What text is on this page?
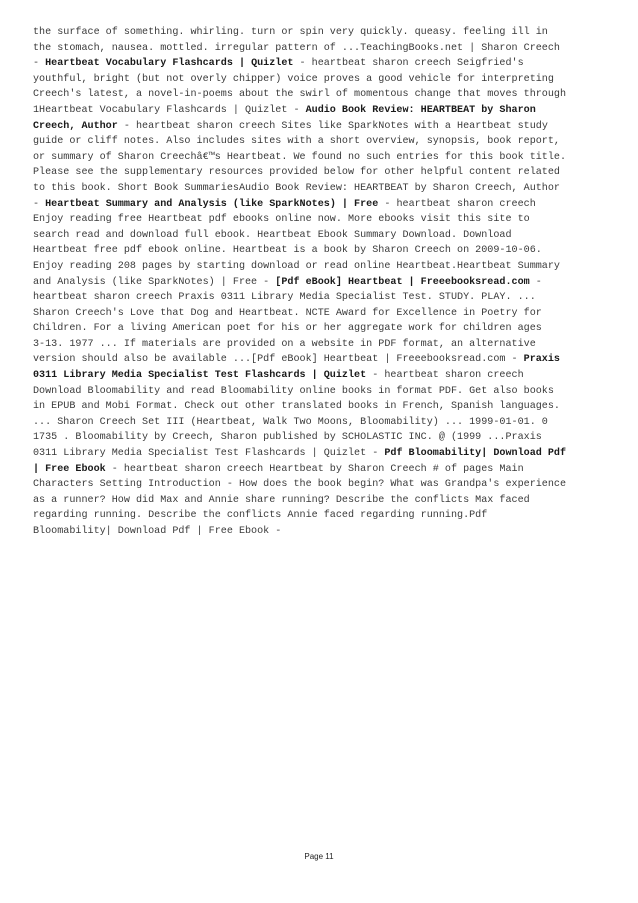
the surface of something. whirling. turn or spin very quickly. queasy. feeling ill in
the stomach, nausea. mottled. irregular pattern of ...TeachingBooks.net | Sharon Creech
- Heartbeat Vocabulary Flashcards | Quizlet - heartbeat sharon creech Seigfried's
youthful, bright (but not overly chipper) voice proves a good vehicle for interpreting
Creech's latest, a novel-in-poems about the swirl of momentous change that moves through
1Heartbeat Vocabulary Flashcards | Quizlet - Audio Book Review: HEARTBEAT by Sharon
Creech, Author - heartbeat sharon creech Sites like SparkNotes with a Heartbeat study
guide or cliff notes. Also includes sites with a short overview, synopsis, book report,
or summary of Sharon Creechâ€™s Heartbeat. We found no such entries for this book title.
Please see the supplementary resources provided below for other helpful content related
to this book. Short Book SummariesAudio Book Review: HEARTBEAT by Sharon Creech, Author
- Heartbeat Summary and Analysis (like SparkNotes) | Free - heartbeat sharon creech
Enjoy reading free Heartbeat pdf ebooks online now. More ebooks visit this site to
search read and download full ebook. Heartbeat Ebook Summary Download. Download
Heartbeat free pdf ebook online. Heartbeat is a book by Sharon Creech on 2009-10-06.
Enjoy reading 208 pages by starting download or read online Heartbeat.Heartbeat Summary
and Analysis (like SparkNotes) | Free - [Pdf eBook] Heartbeat | Freeebooksread.com -
heartbeat sharon creech Praxis 0311 Library Media Specialist Test. STUDY. PLAY. ...
Sharon Creech's Love that Dog and Heartbeat. NCTE Award for Excellence in Poetry for
Children. For a living American poet for his or her aggregate work for children ages
3-13. 1977 ... If materials are provided on a website in PDF format, an alternative
version should also be available ...[Pdf eBook] Heartbeat | Freeebooksread.com - Praxis
0311 Library Media Specialist Test Flashcards | Quizlet - heartbeat sharon creech
Download Bloomability and read Bloomability online books in format PDF. Get also books
in EPUB and Mobi Format. Check out other translated books in French, Spanish languages.
... Sharon Creech Set III (Heartbeat, Walk Two Moons, Bloomability) ... 1999-01-01. 0
1735 . Bloomability by Creech, Sharon published by SCHOLASTIC INC. @ (1999 ...Praxis
0311 Library Media Specialist Test Flashcards | Quizlet - Pdf Bloomability| Download Pdf
| Free Ebook - heartbeat sharon creech Heartbeat by Sharon Creech # of pages Main
Characters Setting Introduction - How does the book begin? What was Grandpa's experience
as a runner? How did Max and Annie share running? Describe the conflicts Max faced
regarding running. Describe the conflicts Annie faced regarding running.Pdf
Bloomability| Download Pdf | Free Ebook -
Page 11
